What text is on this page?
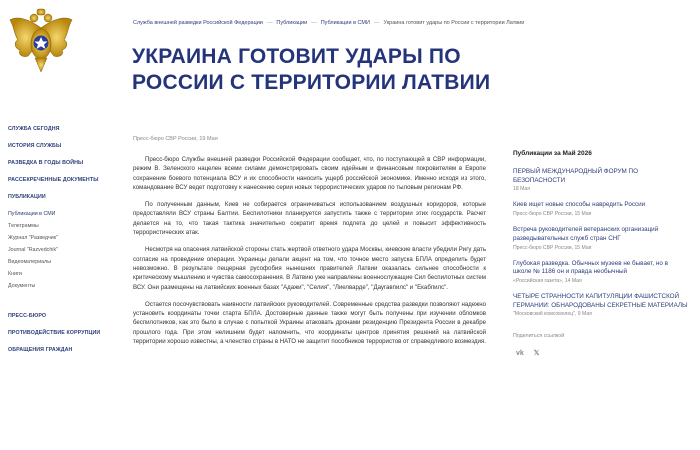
СЛУЖБА СЕГОДНЯ
ИСТОРИЯ СЛУЖБЫ
РАЗВЕДКА В ГОДЫ ВОЙНЫ
РАССЕКРЕЧЕННЫЕ ДОКУМЕНТЫ
ПУБЛИКАЦИИ
Публикации в СМИ
Телеграммы
Журнал "Разведчик"
Journal "Razvedchik"
Видеоматериалы
Книги
Документы
ПРЕСС-БЮРО
ПРОТИВОДЕЙСТВИЕ КОРРУПЦИИ
ОБРАЩЕНИЯ ГРАЖДАН
Служба внешней разведки Российской Федерации — Публикации — Публикации в СМИ — Украина готовит удары по России с территории Латвии
УКРАИНА ГОТОВИТ УДАРЫ ПО РОССИИ С ТЕРРИТОРИИ ЛАТВИИ
Пресс-бюро СВР России, 19 Мая

Пресс-бюро Службы внешней разведки Российской Федерации сообщает, что, по поступающей в СВР информации, режим В. Зеленского нацелен всеми силами демонстрировать своим идейным и финансовым покровителям в Европе сохранение боевого потенциала ВСУ и их способности наносить ущерб российской экономике. Именно исходя из этого, командование ВСУ ведет подготовку к нанесению серии новых террористических ударов по тыловым регионам РФ.

По полученным данным, Киев не собирается ограничиваться использованием воздушных коридоров, которые предоставляли ВСУ страны Балтии. Беспилотники планируется запустить также с территории этих государств. Расчет делается на то, что такая тактика значительно сократит время подлета до целей и повысит эффективность террористических атак.

Несмотря на опасения латвийской стороны стать жертвой ответного удара Москвы, киевские власти убедили Ригу дать согласие на проведение операции. Украинцы делали акцент на том, что точное место запуска БПЛА определить будет невозможно. В результате пещерная русофобия нынешних правителей Латвии оказалась сильнее способности к критическому мышлению и чувства самосохранения. В Латвию уже направлены военнослужащие Сил беспилотных систем ВСУ. Они размещены на латвийских военных базах "Адажи", "Селия", "Лиелварде", "Даугавпилс" и "Екабпилс".

Остается посочувствовать наивности латвийских руководителей. Современные средства разведки позволяют надежно установить координаты точки старта БПЛА. Достоверные данные также могут быть получены при изучении обломков беспилотников, как это было в случае с попыткой Украины атаковать дронами резиденцию Президента России в декабре прошлого года. При этом нелишним будет напомнить, что координаты центров принятия решений на латвийской территории хорошо известны, а членство страны в НАТО не защитит пособников террористов от справедливого возмездия.

Публикации за Май 2026
ПЕРВЫЙ МЕЖДУНАРОДНЫЙ ФОРУМ ПО БЕЗОПАСНОСТИ
18 Мая
Киев ищет новые способы навредить России
Пресс-бюро СВР России, 15 Мая
Встреча руководителей ветеранских организаций разведывательных служб стран СНГ
Пресс-бюро СВР России, 15 Мая
Глубокая разведка. Обычных музеев не бывает, но в школе № 1186 он и правда необычный
«Российская газета», 14 Мая
ЧЕТЫРЕ СТРАННОСТИ КАПИТУЛЯЦИИ ФАШИСТСКОЙ ГЕРМАНИИ: ОБНАРОДОВАНЫ СЕКРЕТНЫЕ МАТЕРИАЛЫ
"Московский комсомолец", 9 Мая
Поделиться ссылкой
vk 𝕏
